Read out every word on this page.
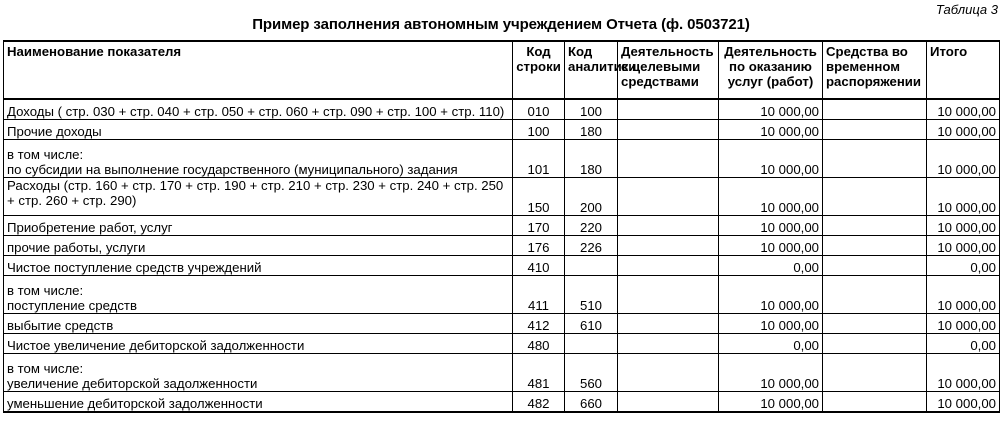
Таблица 3
Пример заполнения автономным учреждением Отчета (ф. 0503721)
Наименование показателя	Код строки	Код аналитики	Деятельность с целевыми средствами	Деятельность по оказанию услуг (работ)	Средства во временном распоряжении	Итого
Доходы ( стр. 030 + стр. 040 + стр. 050 + стр. 060 + стр. 090 + стр. 100 + стр. 110)	010	100		10 000,00		10 000,00
Прочие доходы	100	180		10 000,00		10 000,00
в том числе:
по субсидии на выполнение государственного (муниципального) задания	101	180		10 000,00		10 000,00
Расходы (стр. 160 + стр. 170 + стр. 190 + стр. 210 + стр. 230 + стр. 240 + стр. 250 + стр. 260 + стр. 290)	150	200		10 000,00		10 000,00
Приобретение работ, услуг	170	220		10 000,00		10 000,00
прочие работы, услуги	176	226		10 000,00		10 000,00
Чистое поступление средств учреждений	410			0,00		0,00
в том числе:
поступление средств	411	510		10 000,00		10 000,00
выбытие средств	412	610		10 000,00		10 000,00
Чистое увеличение дебиторской задолженности	480			0,00		0,00
в том числе:
увеличение дебиторской задолженности	481	560		10 000,00		10 000,00
уменьшение дебиторской задолженности	482	660		10 000,00		10 000,00
